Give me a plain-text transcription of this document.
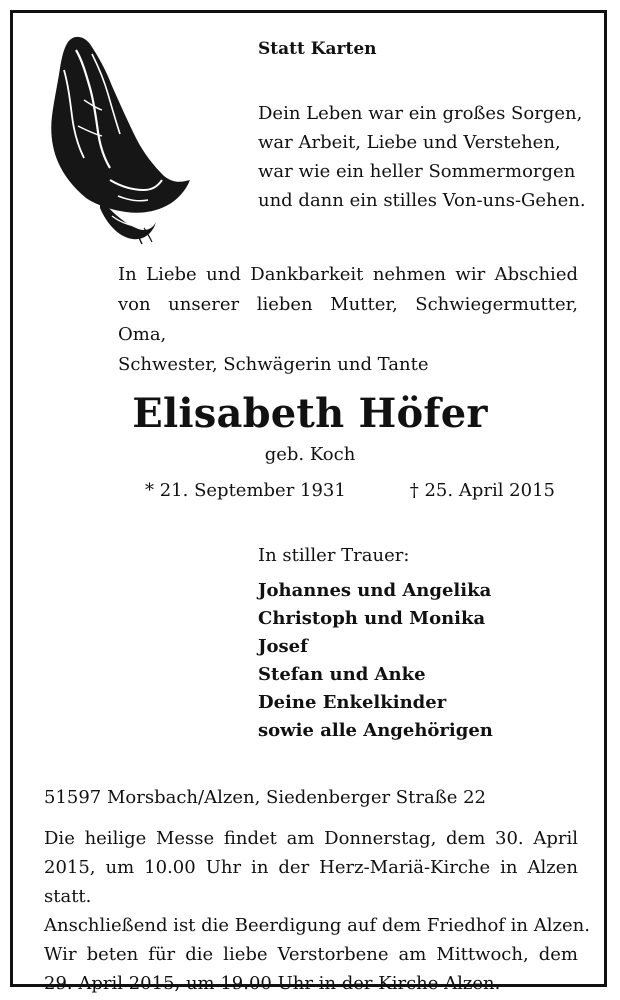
Statt Karten
Dein Leben war ein großes Sorgen,
war Arbeit, Liebe und Verstehen,
war wie ein heller Sommermorgen
und dann ein stilles Von-uns-Gehen.
In Liebe und Dankbarkeit nehmen wir Abschied
von unserer lieben Mutter, Schwiegermutter, Oma,
Schwester, Schwägerin und Tante
Elisabeth Höfer
geb. Koch
* 21. September 1931	† 25. April 2015
In stiller Trauer:
Johannes und Angelika
Christoph und Monika
Josef
Stefan und Anke
Deine Enkelkinder
sowie alle Angehörigen
51597 Morsbach/Alzen, Siedenberger Straße 22
Die heilige Messe findet am Donnerstag, dem 30. April
2015, um 10.00 Uhr in der Herz-Mariä-Kirche in Alzen statt.
Anschließend ist die Beerdigung auf dem Friedhof in Alzen.
Wir beten für die liebe Verstorbene am Mittwoch, dem
29. April 2015, um 19.00 Uhr in der Kirche Alzen.
